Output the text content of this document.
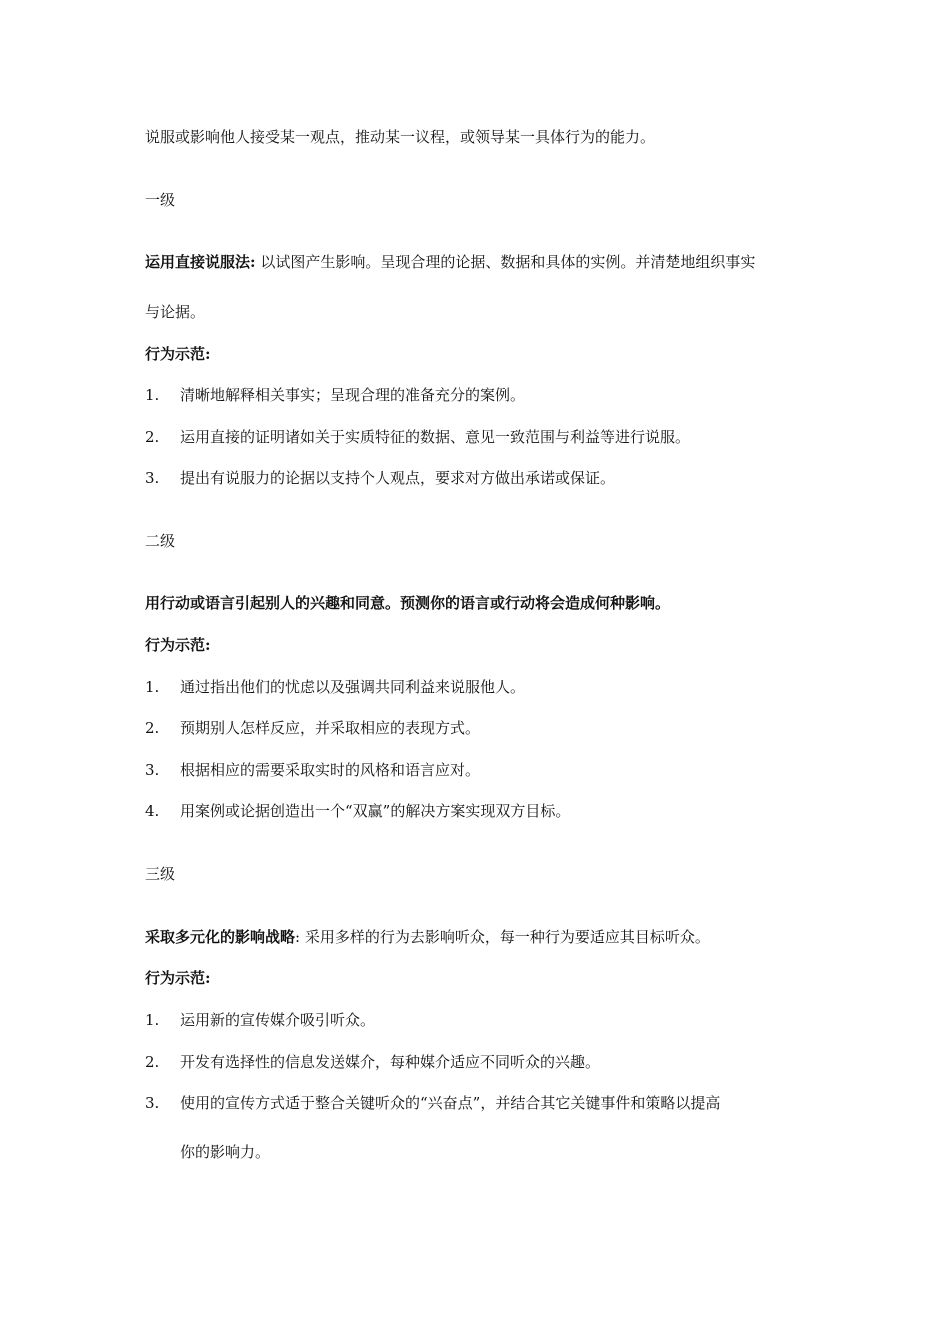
说服或影响他人接受某一观点，推动某一议程，或领导某一具体行为的能力。

一级

运用直接说服法: 以试图产生影响。呈现合理的论据、数据和具体的实例。并清楚地组织事实

与论据。

行为示范:

1. 清晰地解释相关事实；呈现合理的准备充分的案例。

2. 运用直接的证明诸如关于实质特征的数据、意见一致范围与利益等进行说服。

3. 提出有说服力的论据以支持个人观点，要求对方做出承诺或保证。

二级

用行动或语言引起别人的兴趣和同意。预测你的语言或行动将会造成何种影响。

行为示范:

1. 通过指出他们的忧虑以及强调共同利益来说服他人。

2. 预期别人怎样反应，并采取相应的表现方式。

3. 根据相应的需要采取实时的风格和语言应对。

4. 用案例或论据创造出一个“双赢”的解决方案实现双方目标。

三级

采取多元化的影响战略: 采用多样的行为去影响听众，每一种行为要适应其目标听众。

行为示范:

1. 运用新的宣传媒介吸引听众。

2. 开发有选择性的信息发送媒介，每种媒介适应不同听众的兴趣。

3. 使用的宣传方式适于整合关键听众的“兴奋点”，并结合其它关键事件和策略以提高

你的影响力。
